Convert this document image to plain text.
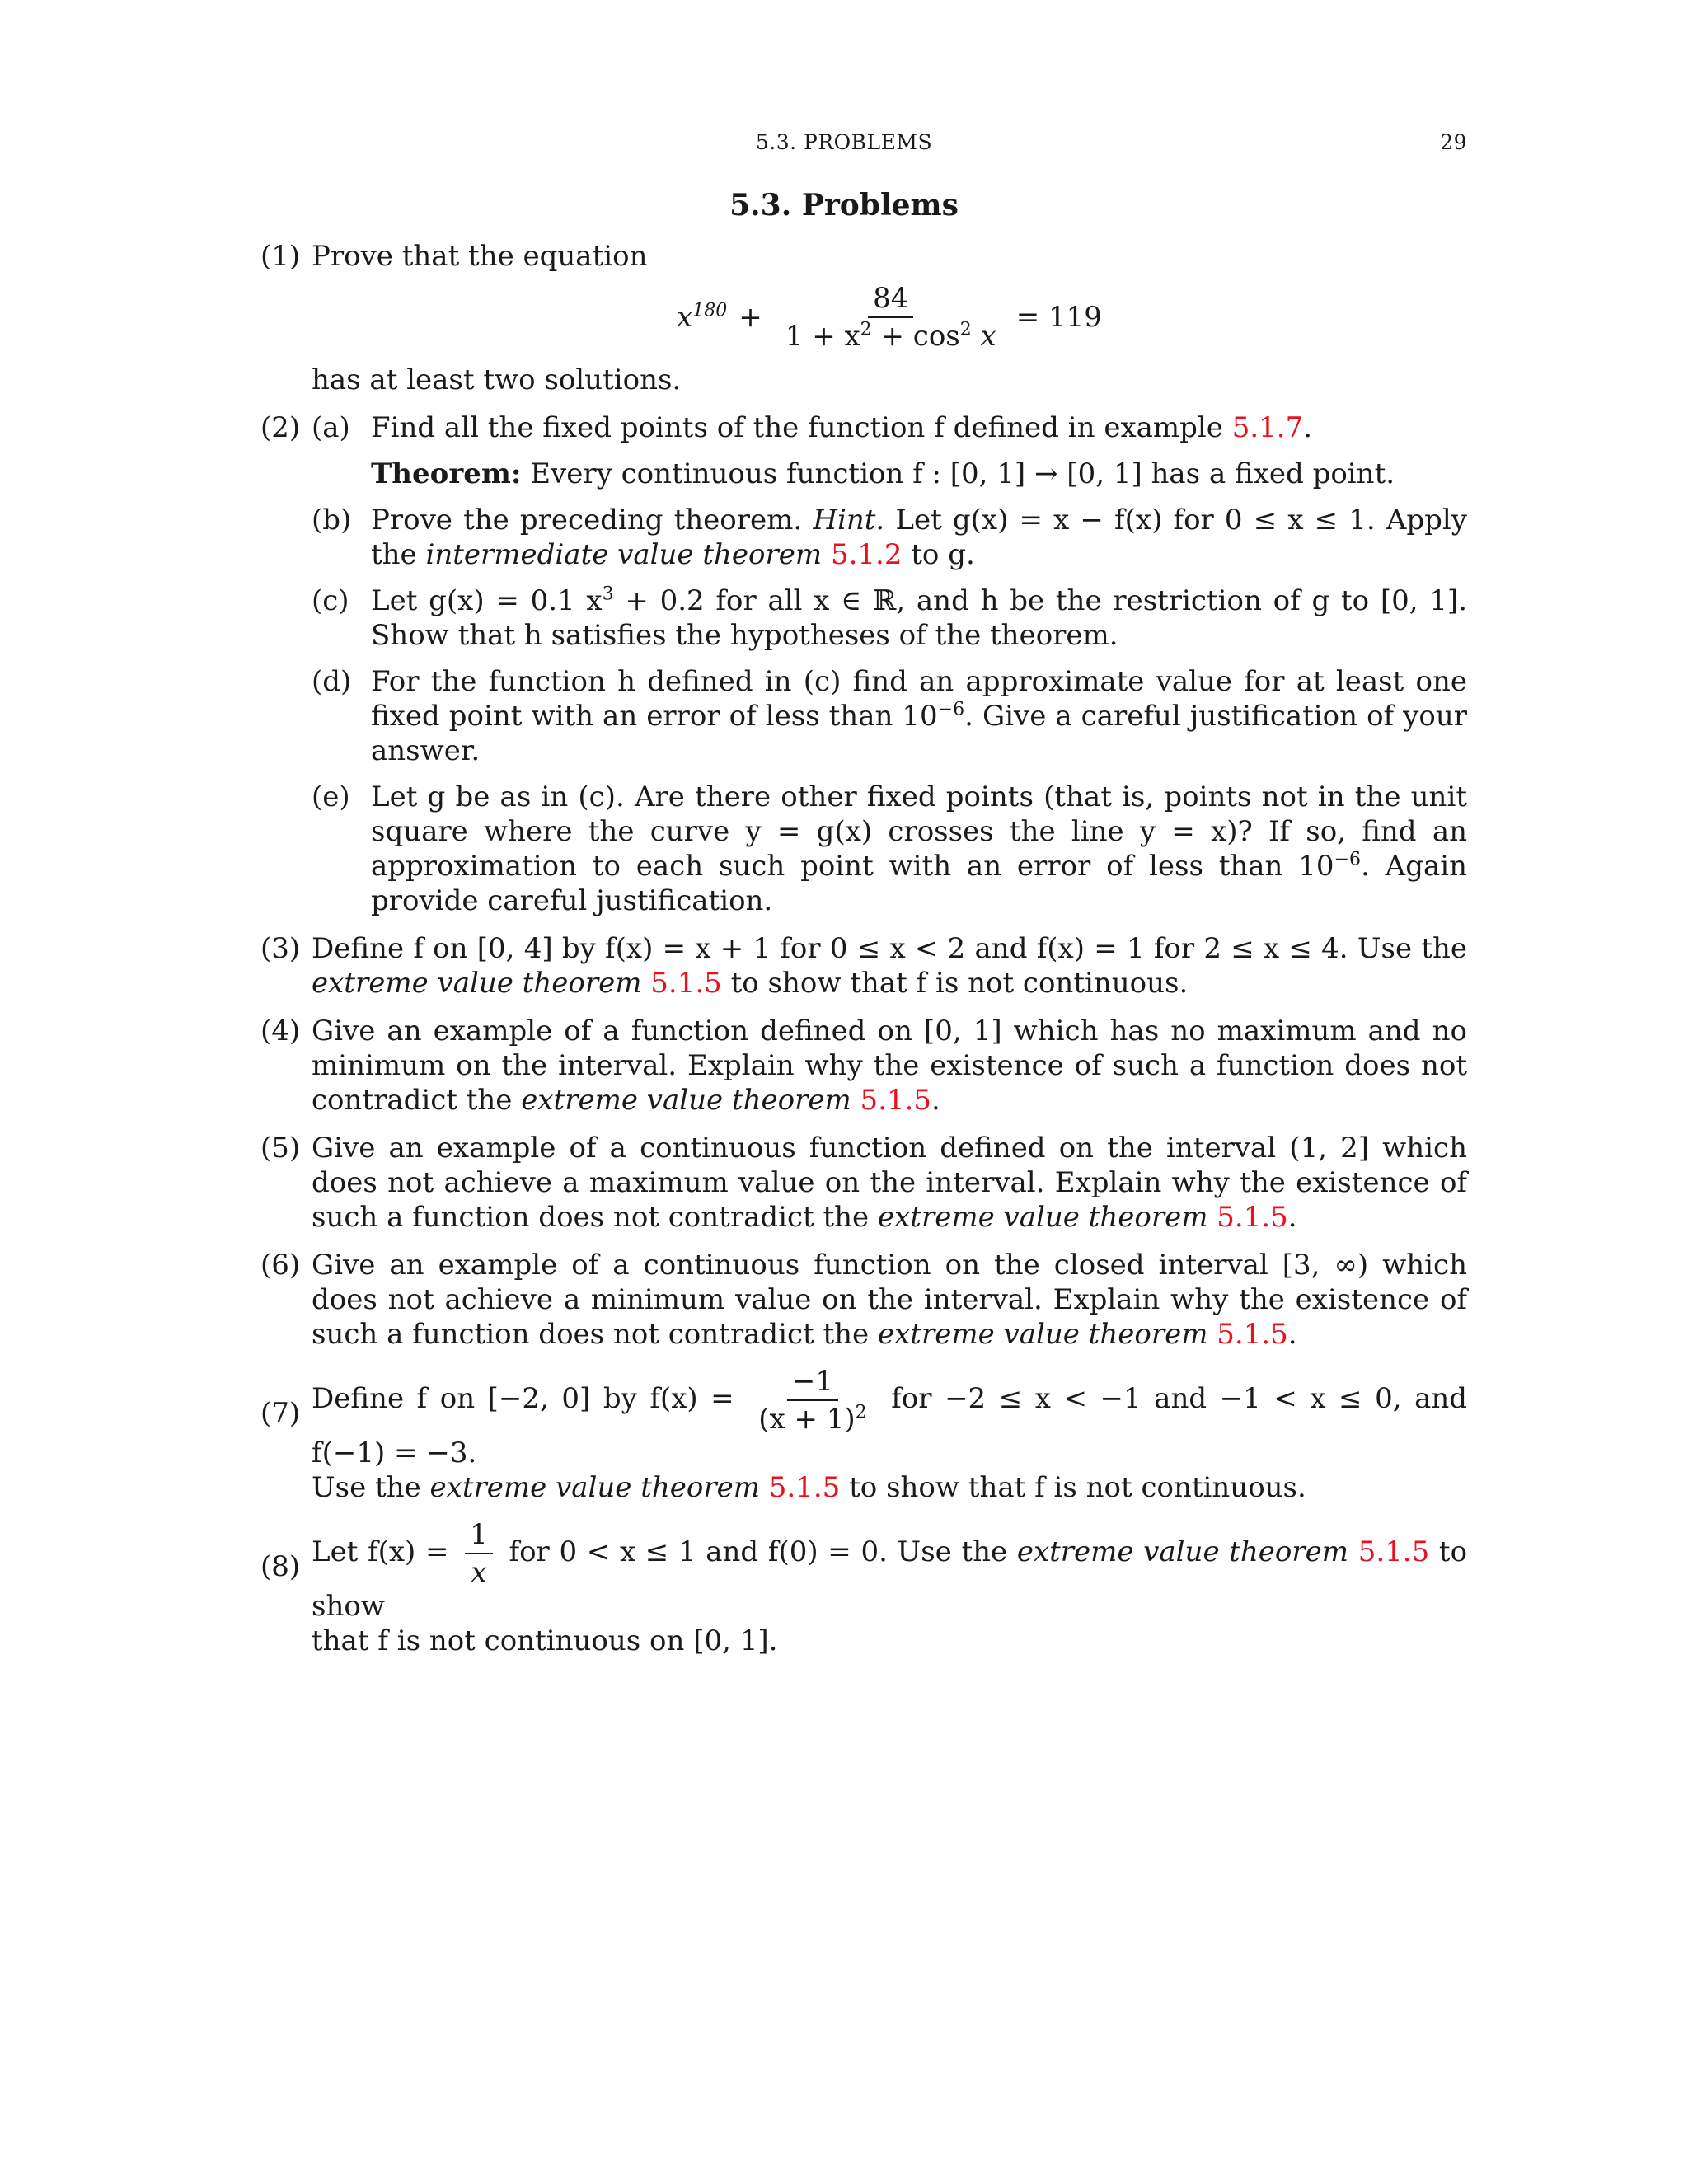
5.3. PROBLEMS	29
5.3. Problems
(1) Prove that the equation

$x^{180} + \frac{84}{1 + x^2 + \cos^2 x} = 119$

has at least two solutions.

(2) (a) Find all the fixed points of the function f defined in example 5.1.7.

Theorem: Every continuous function f : [0, 1] → [0, 1] has a fixed point.
(b) Prove the preceding theorem. Hint. Let g(x) = x − f(x) for 0 ≤ x ≤ 1. Apply the intermediate value theorem 5.1.2 to g.

(c) Let g(x) = 0.1 $x^3 + 0.2$ for all x ∈ ℝ, and h be the restriction of g to [0, 1]. Show that h satisfies the hypotheses of the theorem.

(d) For the function h defined in (c) find an approximate value for at least one fixed point with an error of less than $10^{-6}$. Give a careful justification of your answer.

(e) Let g be as in (c). Are there other fixed points (that is, points not in the unit square where the curve y = g(x) crosses the line y = x)? If so, find an approximation to each such point with an error of less than $10^{-6}$. Again provide careful justification.

(3) Define f on [0, 4] by f(x) = x + 1 for 0 ≤ x < 2 and f(x) = 1 for 2 ≤ x ≤ 4. Use the extreme value theorem 5.1.5 to show that f is not continuous.

(4) Give an example of a function defined on [0, 1] which has no maximum and no minimum on the interval. Explain why the existence of such a function does not contradict the extreme value theorem 5.1.5.

(5) Give an example of a continuous function defined on the interval (1, 2] which does not achieve a maximum value on the interval. Explain why the existence of such a function does not contradict the extreme value theorem 5.1.5.

(6) Give an example of a continuous function on the closed interval [3, ∞) which does not achieve a minimum value on the interval. Explain why the existence of such a function does not contradict the extreme value theorem 5.1.5.

(7) Define f on [−2, 0] by $f(x) = \frac{-1}{(x + 1)^2}$ for −2 ≤ x < −1 and −1 < x ≤ 0, and f(−1) = −3.

Use the extreme value theorem 5.1.5 to show that f is not continuous.

(8) Let $f(x) = \frac{1}{x}$ for 0 < x ≤ 1 and f(0) = 0. Use the extreme value theorem 5.1.5 to show

that f is not continuous on [0, 1].
